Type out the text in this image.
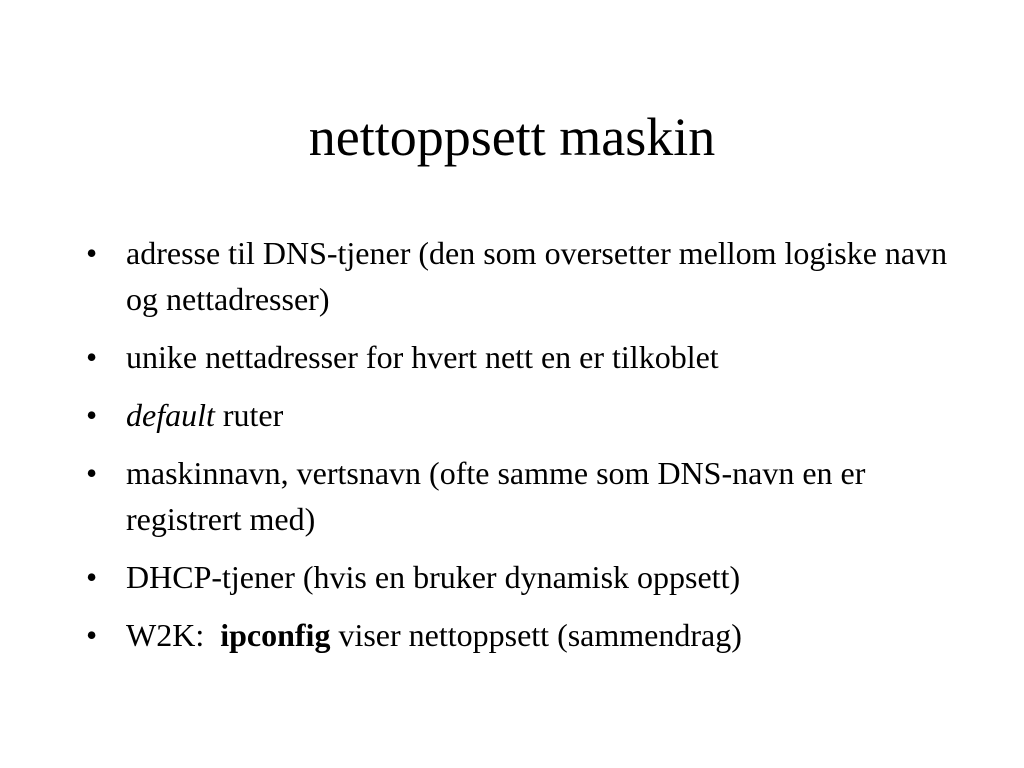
nettoppsett maskin
• adresse til DNS-tjener (den som oversetter mellom logiske navn og nettadresser)
• unike nettadresser for hvert nett en er tilkoblet
• default ruter
• maskinnavn, vertsnavn (ofte samme som DNS-navn en er registrert med)
• DHCP-tjener (hvis en bruker dynamisk oppsett)
• W2K:  ipconfig viser nettoppsett (sammendrag)
